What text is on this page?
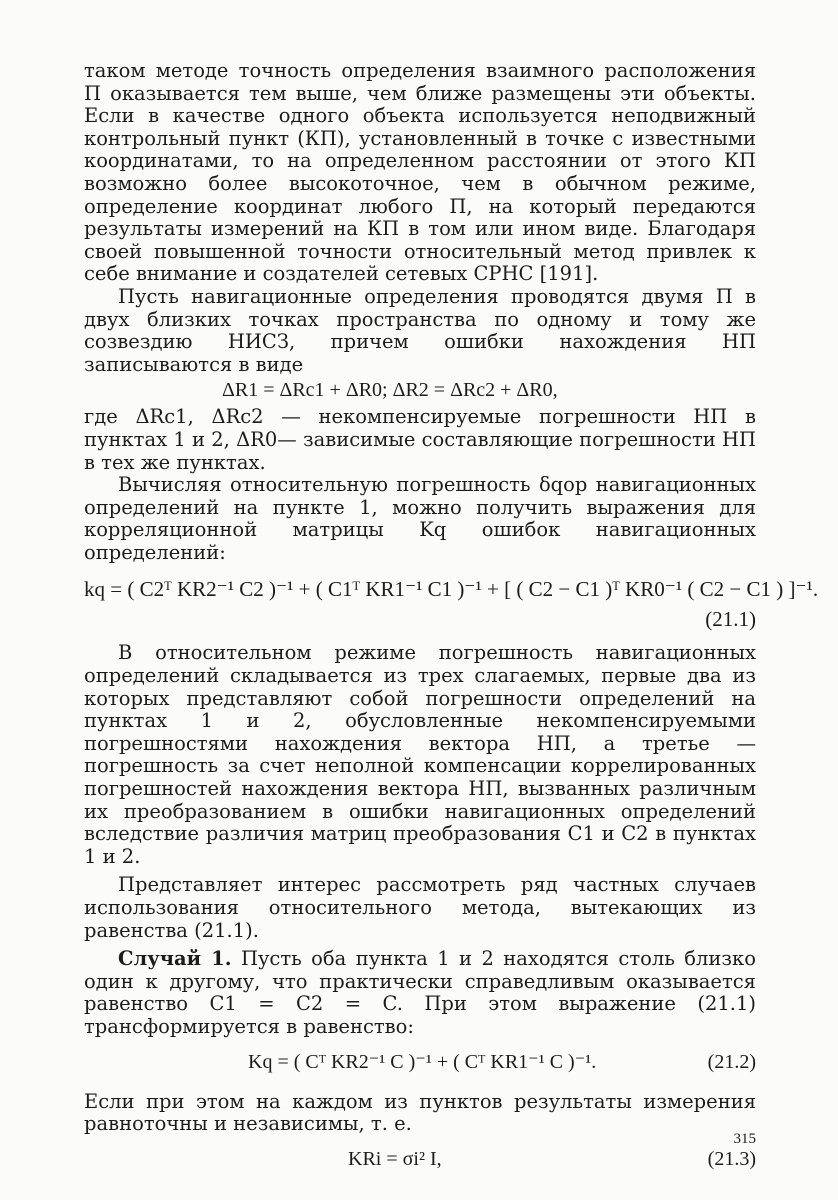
таком методе точность определения взаимного расположения П оказывается тем выше, чем ближе размещены эти объекты. Если в качестве одного объекта используется неподвижный контрольный пункт (КП), установленный в точке с известными координатами, то на определенном расстоянии от этого КП возможно более высокоточное, чем в обычном режиме, определение координат любого П, на который передаются результаты измерений на КП в том или ином виде. Благодаря своей повышенной точности относительный метод привлек к себе внимание и создателей сетевых СРНС [191].

Пусть навигационные определения проводятся двумя П в двух близких точках пространства по одному и тому же созвездию НИСЗ, причем ошибки нахождения НП записываются в виде

ΔR1 = ΔRc1 + ΔR0; ΔR2 = ΔRc2 + ΔR0,

где ΔRс1, ΔRс2 — некомпенсируемые погрешности НП в пунктах 1 и 2, ΔR0— зависимые составляющие погрешности НП в тех же пунктах.

Вычисляя относительную погрешность δqор навигационных определений на пункте 1, можно получить выражения для корреляционной матрицы Kq ошибок навигационных определений:

kq = ( C2ᵀ KR2⁻¹ C2 )⁻¹ + ( C1ᵀ KR1⁻¹ C1 )⁻¹ + [ ( C2 − C1 )ᵀ KR0⁻¹ ( C2 − C1 ) ]⁻¹.
(21.1)

В относительном режиме погрешность навигационных определений складывается из трех слагаемых, первые два из которых представляют собой погрешности определений на пунктах 1 и 2, обусловленные некомпенсируемыми погрешностями нахождения вектора НП, а третье — погрешность за счет неполной компенсации коррелированных погрешностей нахождения вектора НП, вызванных различным их преобразованием в ошибки навигационных определений вследствие различия матриц преобразования C1 и C2 в пунктах 1 и 2.

Представляет интерес рассмотреть ряд частных случаев использования относительного метода, вытекающих из равенства (21.1).

Случай 1. Пусть оба пункта 1 и 2 находятся столь близко один к другому, что практически справедливым оказывается равенство C1 = C2 = C. При этом выражение (21.1) трансформируется в равенство:

Kq = ( Cᵀ KR2⁻¹ C )⁻¹ + ( Cᵀ KR1⁻¹ C )⁻¹.	(21.2)

Если при этом на каждом из пунктов результаты измерения равноточны и независимы, т. е.

KRi = σi² I,	(21.3)
315
